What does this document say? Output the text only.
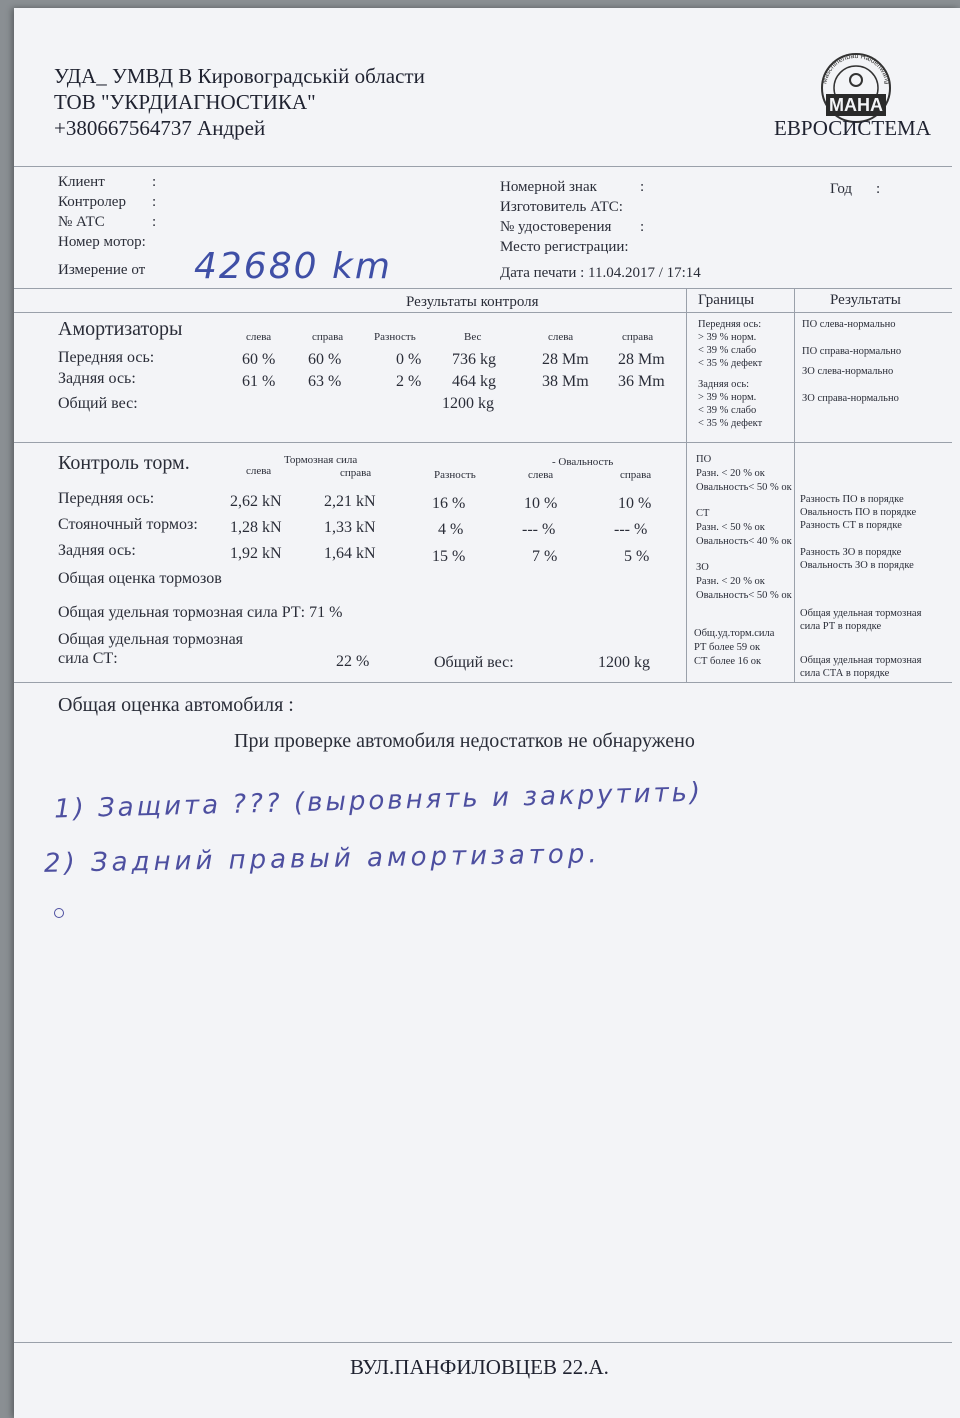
УДА_ УМВД В Кировоградській области
ТОВ "УКРДИАГНОСТИКА"
+380667564737 Андрей
Maschinenbau Haldenwang
MAHA
ЕВРОСИСТЕМА
Клиент	:
Контролер :
№ АТС	:
Номер мотор:
Номерной знак	:
Изготовитель АТС:
№ удостоверения :
Место регистрации:
Год :
Измерение от 42680 km	Дата печати : 11.04.2017 / 17:14
Результаты контроля	Границы	Результаты
Амортизаторы	слева	справа	Разность	Вес	слева	справа
Передняя ось:	60 % 60 %	0 % 736 kg	28 Mm 28 Mm
Задняя ось:	61 % 63 %	2 % 464 kg	38 Mm 36 Mm
Общий вес:	1200 kg
Передняя ось:
> 39 % норм.
< 39 % слабо
< 35 % дефект
Задняя ось:
> 39 % норм.
< 39 % слабо
< 35 % дефект
ПО слева-нормально
ПО справа-нормально
ЗО слева-нормально
ЗО справа-нормально
Контроль торм.	Тормозная сила	- Овальность
слева	справа	Разность	слева	справа
Передняя ось:	2,62 kN	2,21 kN	16 %	10 %	10 %
Стояночный тормоз: 1,28 kN	1,33 kN	4 %	--- %	--- %
Задняя ось:	1,92 kN	1,64 kN	15 %	7 %	5 %
Общая оценка тормозов
Общая удельная тормозная сила РТ: 71 %
Общая удельная тормозная
сила СТ:	22 %	Общий вес:	1200 kg
ПО
Разн. < 20 % ок
Овальность< 50 % ок
СТ
Разн. < 50 % ок
Овальность< 40 % ок
ЗО
Разн. < 20 % ок
Овальность< 50 % ок
Общ.уд.торм.сила
РТ более 59 ок
СТ более 16 ок
Разность ПО в порядке
Овальность ПО в порядке
Разность СТ в порядке
Разность ЗО в порядке
Овальность ЗО в порядке
Общая удельная тормозная
сила РТ в порядке
Общая удельная тормозная
сила СТА в порядке
Общая оценка автомобиля :
При проверке автомобиля недостатков не обнаружено
1) Защита ??? (выровнять и закрутить)
2) Задний правый амортизатор.
ВУЛ.ПАНФИЛОВЦЕВ 22.А.
